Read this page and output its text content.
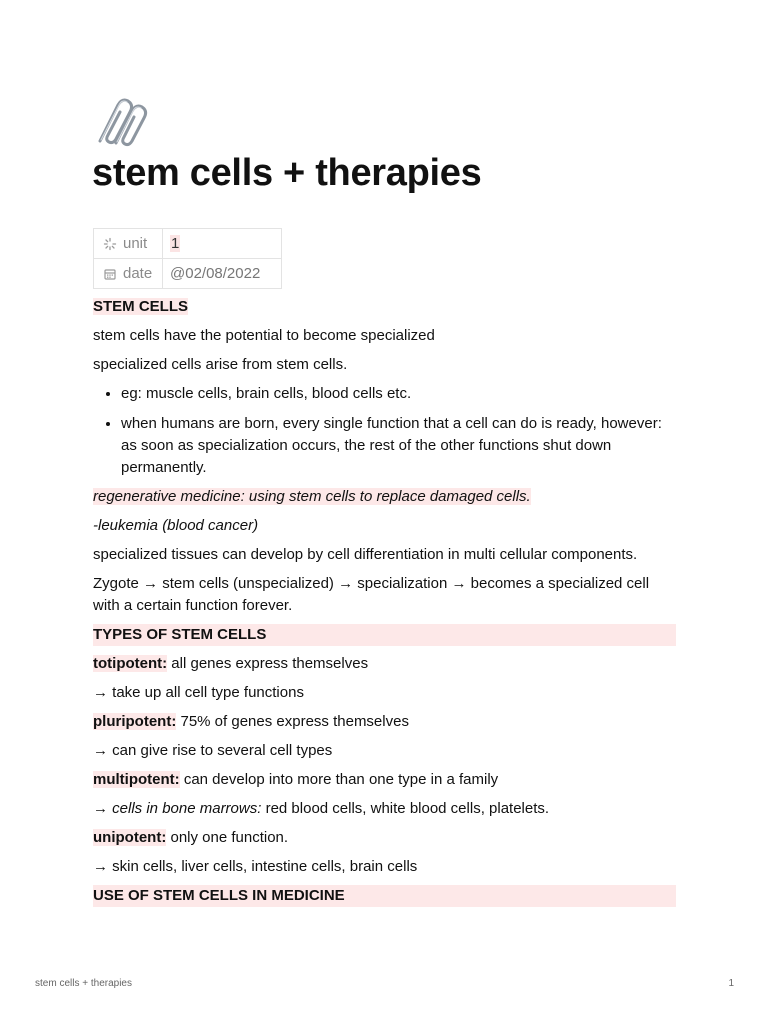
stem cells + therapies
unit	1
date	@02/08/2022

STEM CELLS

stem cells have the potential to become specialized

specialized cells arise from stem cells.

• eg: muscle cells, brain cells, blood cells etc.
• when humans are born, every single function that a cell can do is ready, however: as soon as specialization occurs, the rest of the other functions shut down permanently.

regenerative medicine: using stem cells to replace damaged cells.

-leukemia (blood cancer)

specialized tissues can develop by cell differentiation in multi cellular components.

Zygote → stem cells (unspecialized) → specialization → becomes a specialized cell with a certain function forever.

TYPES OF STEM CELLS

totipotent: all genes express themselves

→ take up all cell type functions

pluripotent: 75% of genes express themselves

→ can give rise to several cell types

multipotent: can develop into more than one type in a family

→ cells in bone marrows: red blood cells, white blood cells, platelets.

unipotent: only one function.

→ skin cells, liver cells, intestine cells, brain cells

USE OF STEM CELLS IN MEDICINE
stem cells + therapies	1
